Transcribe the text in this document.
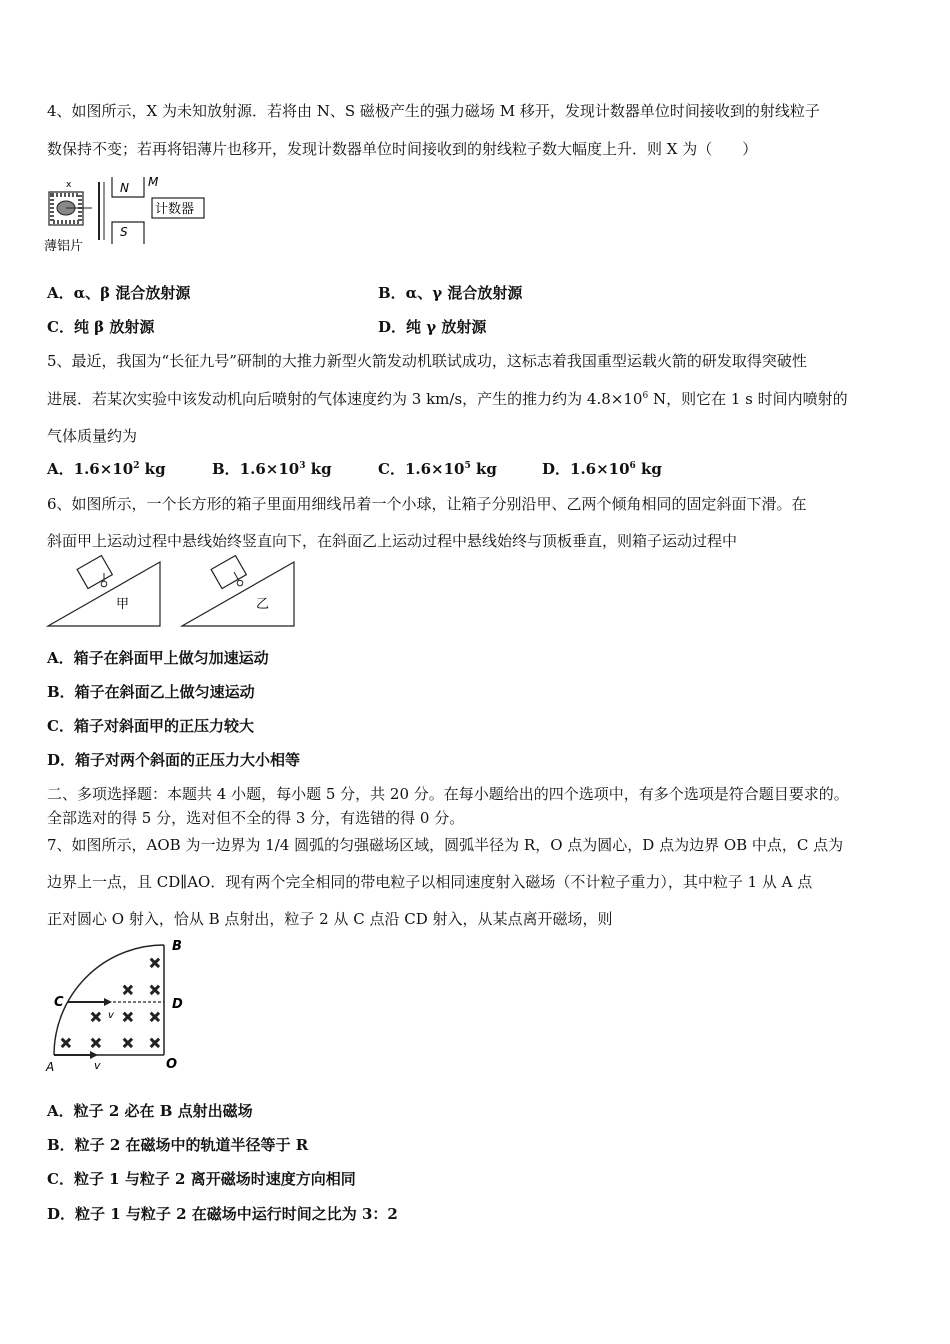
4、如图所示，X 为未知放射源．若将由 N、S 磁极产生的强力磁场 M 移开，发现计数器单位时间接收到的射线粒子
数保持不变；若再将铝薄片也移开，发现计数器单位时间接收到的射线粒子数大幅度上升．则 X 为（　　）
x	N M
S
计数器
薄铝片
A．α、β 混合放射源	B．α、γ 混合放射源
C．纯 β 放射源	D．纯 γ 放射源
5、最近，我国为“长征九号”研制的大推力新型火箭发动机联试成功，这标志着我国重型运载火箭的研发取得突破性
进展．若某次实验中该发动机向后喷射的气体速度约为 3 km/s，产生的推力约为 $4.8\times 10^6$ N，则它在 1 s 时间内喷射的
气体质量约为
A．$1.6\times 10^2$ kg	B．$1.6\times 10^3$ kg	C．$1.6\times 10^5$ kg	D．$1.6\times 10^6$ kg
6、如图所示，一个长方形的箱子里面用细线吊着一个小球，让箱子分别沿甲、乙两个倾角相同的固定斜面下滑。在
斜面甲上运动过程中悬线始终竖直向下，在斜面乙上运动过程中悬线始终与顶板垂直，则箱子运动过程中
甲	乙
A．箱子在斜面甲上做匀加速运动
B．箱子在斜面乙上做匀速运动
C．箱子对斜面甲的正压力较大
D．箱子对两个斜面的正压力大小相等
二、多项选择题：本题共 4 小题，每小题 5 分，共 20 分。在每小题给出的四个选项中，有多个选项是符合题目要求的。
全部选对的得 5 分，选对但不全的得 3 分，有选错的得 0 分。
7、如图所示，AOB 为一边界为 1/4 圆弧的匀强磁场区域，圆弧半径为 R，O 点为圆心，D 点为边界 OB 中点，C 点为
边界上一点，且 CD∥AO．现有两个完全相同的带电粒子以相同速度射入磁场（不计粒子重力），其中粒子 1 从 A 点
正对圆心 O 射入，恰从 B 点射出，粒子 2 从 C 点沿 CD 射入，从某点离开磁场，则
✕
✕ ✕
✕ ✕ ✕
✕ ✕ ✕ ✕
v
v
B
D
C
O
A
A．粒子 2 必在 B 点射出磁场
B．粒子 2 在磁场中的轨道半径等于 R
C．粒子 1 与粒子 2 离开磁场时速度方向相同
D．粒子 1 与粒子 2 在磁场中运行时间之比为 3：2
